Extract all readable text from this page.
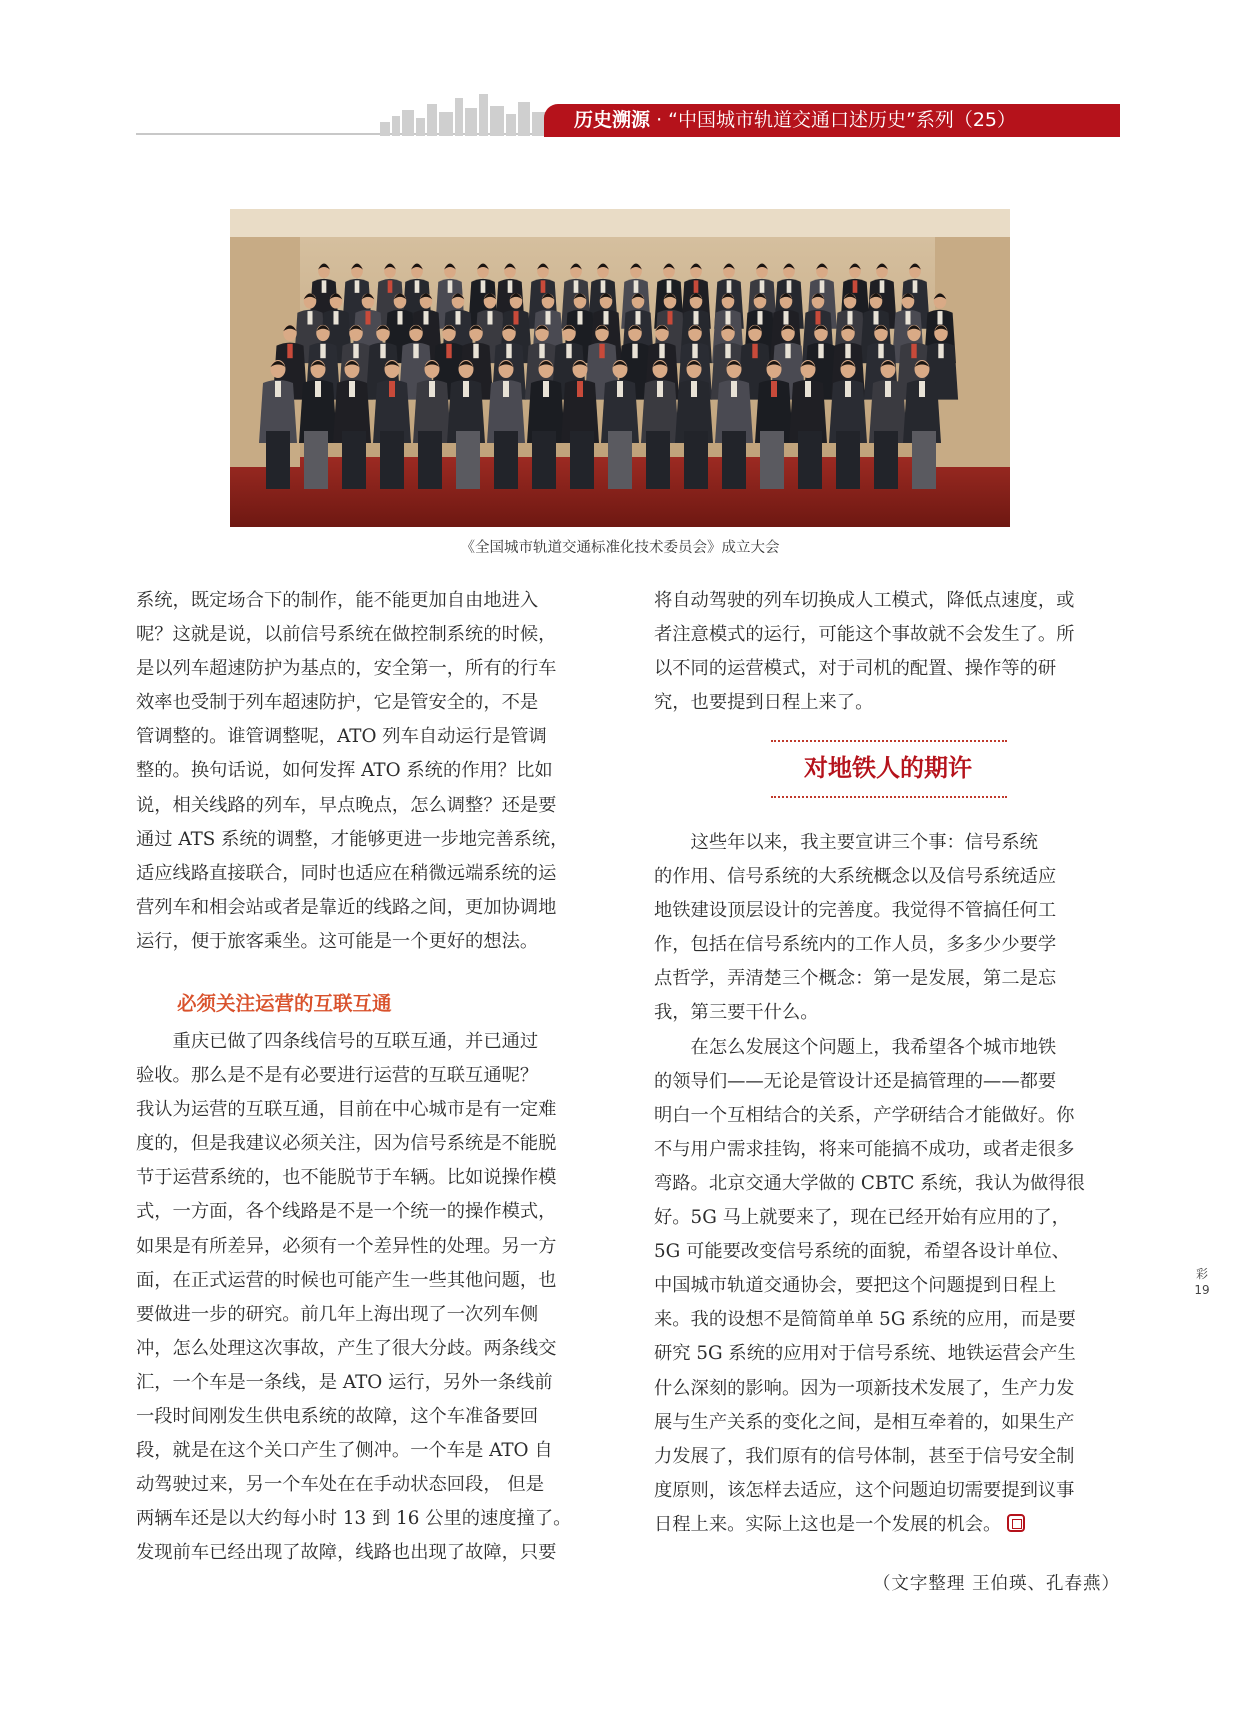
历史溯源 · “中国城市轨道交通口述历史”系列（25）
《全国城市轨道交通标准化技术委员会》成立大会

系统，既定场合下的制作，能不能更加自由地进入

呢？这就是说，以前信号系统在做控制系统的时候，

是以列车超速防护为基点的，安全第一，所有的行车

效率也受制于列车超速防护，它是管安全的，不是

管调整的。谁管调整呢，ATO 列车自动运行是管调

整的。换句话说，如何发挥 ATO 系统的作用？比如

说，相关线路的列车，早点晚点，怎么调整？还是要

通过 ATS 系统的调整，才能够更进一步地完善系统，

适应线路直接联合，同时也适应在稍微远端系统的运

营列车和相会站或者是靠近的线路之间，更加协调地

运行，便于旅客乘坐。这可能是一个更好的想法。

必须关注运营的互联互通

　　重庆已做了四条线信号的互联互通，并已通过

验收。那么是不是有必要进行运营的互联互通呢？

我认为运营的互联互通，目前在中心城市是有一定难

度的，但是我建议必须关注，因为信号系统是不能脱

节于运营系统的，也不能脱节于车辆。比如说操作模

式，一方面，各个线路是不是一个统一的操作模式，

如果是有所差异，必须有一个差异性的处理。另一方

面，在正式运营的时候也可能产生一些其他问题，也

要做进一步的研究。前几年上海出现了一次列车侧

冲，怎么处理这次事故，产生了很大分歧。两条线交

汇，一个车是一条线，是 ATO 运行，另外一条线前

一段时间刚发生供电系统的故障，这个车准备要回

段，就是在这个关口产生了侧冲。一个车是 ATO 自

动驾驶过来，另一个车处在在手动状态回段， 但是

两辆车还是以大约每小时 13 到 16 公里的速度撞了。

发现前车已经出现了故障，线路也出现了故障，只要

将自动驾驶的列车切换成人工模式，降低点速度，或

者注意模式的运行，可能这个事故就不会发生了。所

以不同的运营模式，对于司机的配置、操作等的研

究，也要提到日程上来了。

对地铁人的期许

　　这些年以来，我主要宣讲三个事：信号系统

的作用、信号系统的大系统概念以及信号系统适应

地铁建设顶层设计的完善度。我觉得不管搞任何工

作，包括在信号系统内的工作人员，多多少少要学

点哲学，弄清楚三个概念：第一是发展，第二是忘

我，第三要干什么。

　　在怎么发展这个问题上，我希望各个城市地铁

的领导们——无论是管设计还是搞管理的——都要

明白一个互相结合的关系，产学研结合才能做好。你

不与用户需求挂钩，将来可能搞不成功，或者走很多

弯路。北京交通大学做的 CBTC 系统，我认为做得很

好。5G 马上就要来了，现在已经开始有应用的了，

5G 可能要改变信号系统的面貌，希望各设计单位、

中国城市轨道交通协会，要把这个问题提到日程上

来。我的设想不是简简单单 5G 系统的应用，而是要

研究 5G 系统的应用对于信号系统、地铁运营会产生

什么深刻的影响。因为一项新技术发展了，生产力发

展与生产关系的变化之间，是相互牵着的，如果生产

力发展了，我们原有的信号体制，甚至于信号安全制

度原则，该怎样去适应，这个问题迫切需要提到议事

日程上来。实际上这也是一个发展的机会。

（文字整理 王伯瑛、孔春燕）
彩
19
